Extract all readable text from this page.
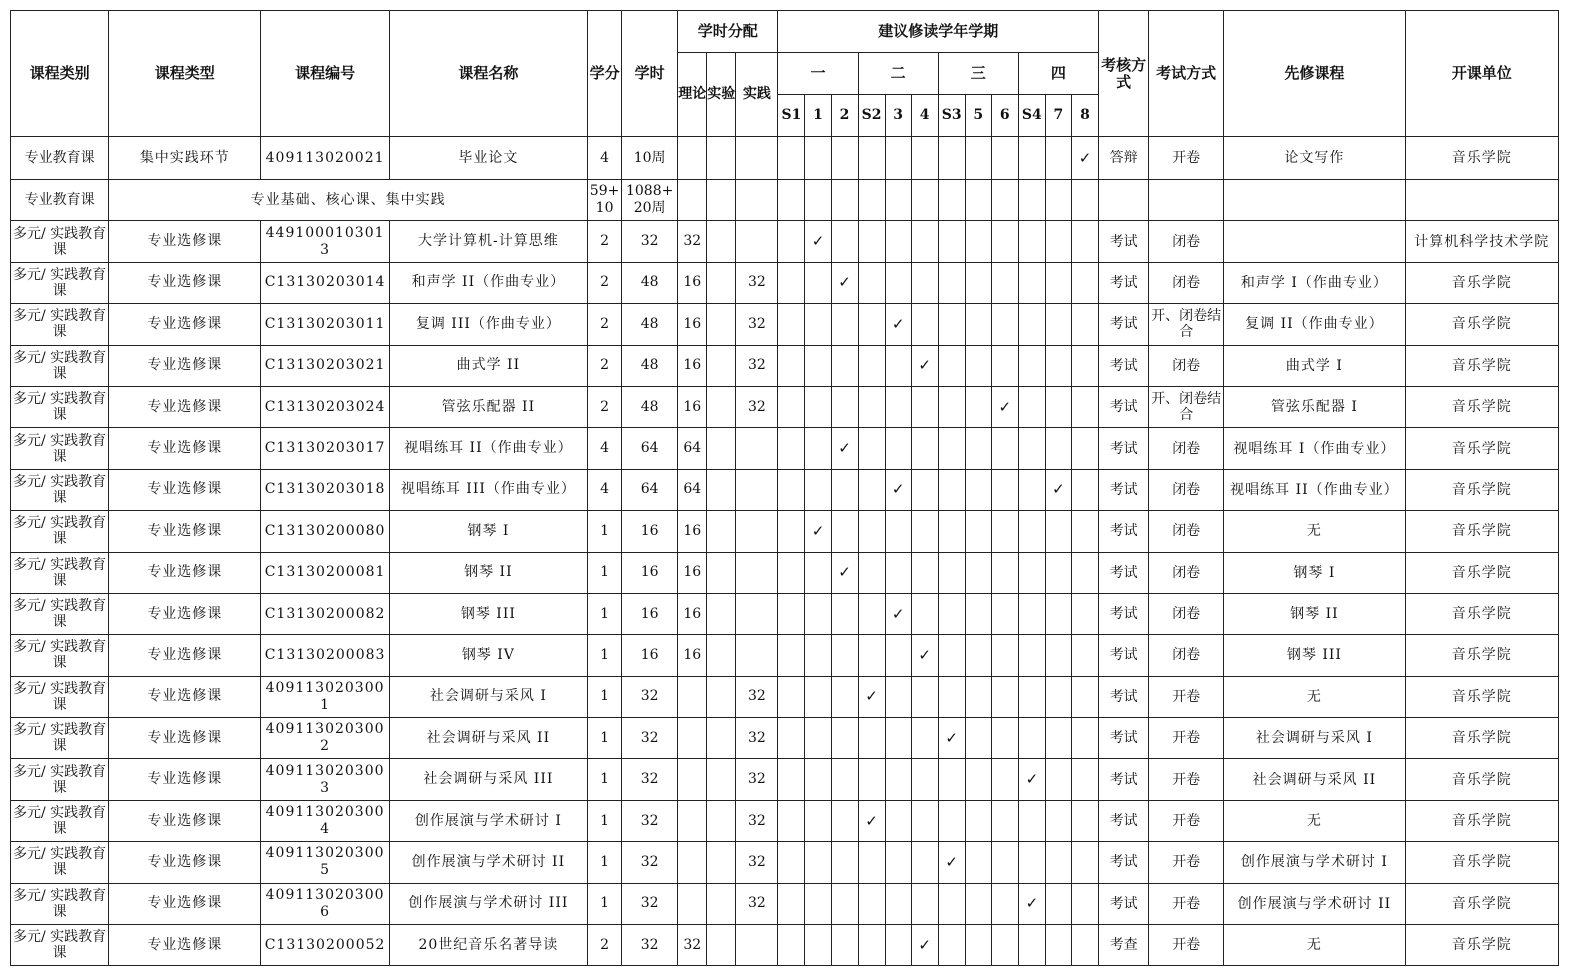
课程类别	课程类型	课程编号	课程名称	学分	学时	学时分配			建议修读学年学期												考核方式	考试方式	先修课程	开课单位
						理论	实验	实践	一			二			三			四						
									S1	1	2	S2	3	4	S3	5	6	S4	7	8				
专业教育课	集中实践环节	409113020021	毕业论文	4	10周															✓	答辩	开卷	论文写作	音乐学院
专业教育课	专业基础、核心课、集中实践			59+10	1088+20周																			
多元/ 实践教育课	专业选修课	4491000103013	大学计算机-计算思维	2	32	32				✓											考试	闭卷		计算机科学技术学院
多元/ 实践教育课	专业选修课	C13130203014	和声学 II（作曲专业）	2	48	16		32			✓										考试	闭卷	和声学 I（作曲专业）	音乐学院
多元/ 实践教育课	专业选修课	C13130203011	复调 III（作曲专业）	2	48	16		32					✓								考试	开、闭卷结合	复调 II（作曲专业）	音乐学院
多元/ 实践教育课	专业选修课	C13130203021	曲式学 II	2	48	16		32						✓							考试	闭卷	曲式学 I	音乐学院
多元/ 实践教育课	专业选修课	C13130203024	管弦乐配器 II	2	48	16		32									✓				考试	开、闭卷结合	管弦乐配器 I	音乐学院
多元/ 实践教育课	专业选修课	C13130203017	视唱练耳 II（作曲专业）	4	64	64					✓										考试	闭卷	视唱练耳 I（作曲专业）	音乐学院
多元/ 实践教育课	专业选修课	C13130203018	视唱练耳 III（作曲专业）	4	64	64							✓						✓		考试	闭卷	视唱练耳 II（作曲专业）	音乐学院
多元/ 实践教育课	专业选修课	C13130200080	钢琴 I	1	16	16				✓											考试	闭卷	无	音乐学院
多元/ 实践教育课	专业选修课	C13130200081	钢琴 II	1	16	16					✓										考试	闭卷	钢琴 I	音乐学院
多元/ 实践教育课	专业选修课	C13130200082	钢琴 III	1	16	16							✓								考试	闭卷	钢琴 II	音乐学院
多元/ 实践教育课	专业选修课	C13130200083	钢琴 IV	1	16	16								✓							考试	闭卷	钢琴 III	音乐学院
多元/ 实践教育课	专业选修课	4091130203001	社会调研与采风 I	1	32			32				✓									考试	开卷	无	音乐学院
多元/ 实践教育课	专业选修课	4091130203002	社会调研与采风 II	1	32			32							✓						考试	开卷	社会调研与采风 I	音乐学院
多元/ 实践教育课	专业选修课	4091130203003	社会调研与采风 III	1	32			32										✓			考试	开卷	社会调研与采风 II	音乐学院
多元/ 实践教育课	专业选修课	4091130203004	创作展演与学术研讨 I	1	32			32				✓									考试	开卷	无	音乐学院
多元/ 实践教育课	专业选修课	4091130203005	创作展演与学术研讨 II	1	32			32							✓						考试	开卷	创作展演与学术研讨 I	音乐学院
多元/ 实践教育课	专业选修课	4091130203006	创作展演与学术研讨 III	1	32			32										✓			考试	开卷	创作展演与学术研讨 II	音乐学院
多元/ 实践教育课	专业选修课	C13130200052	20世纪音乐名著导读	2	32	32								✓							考查	开卷	无	音乐学院
